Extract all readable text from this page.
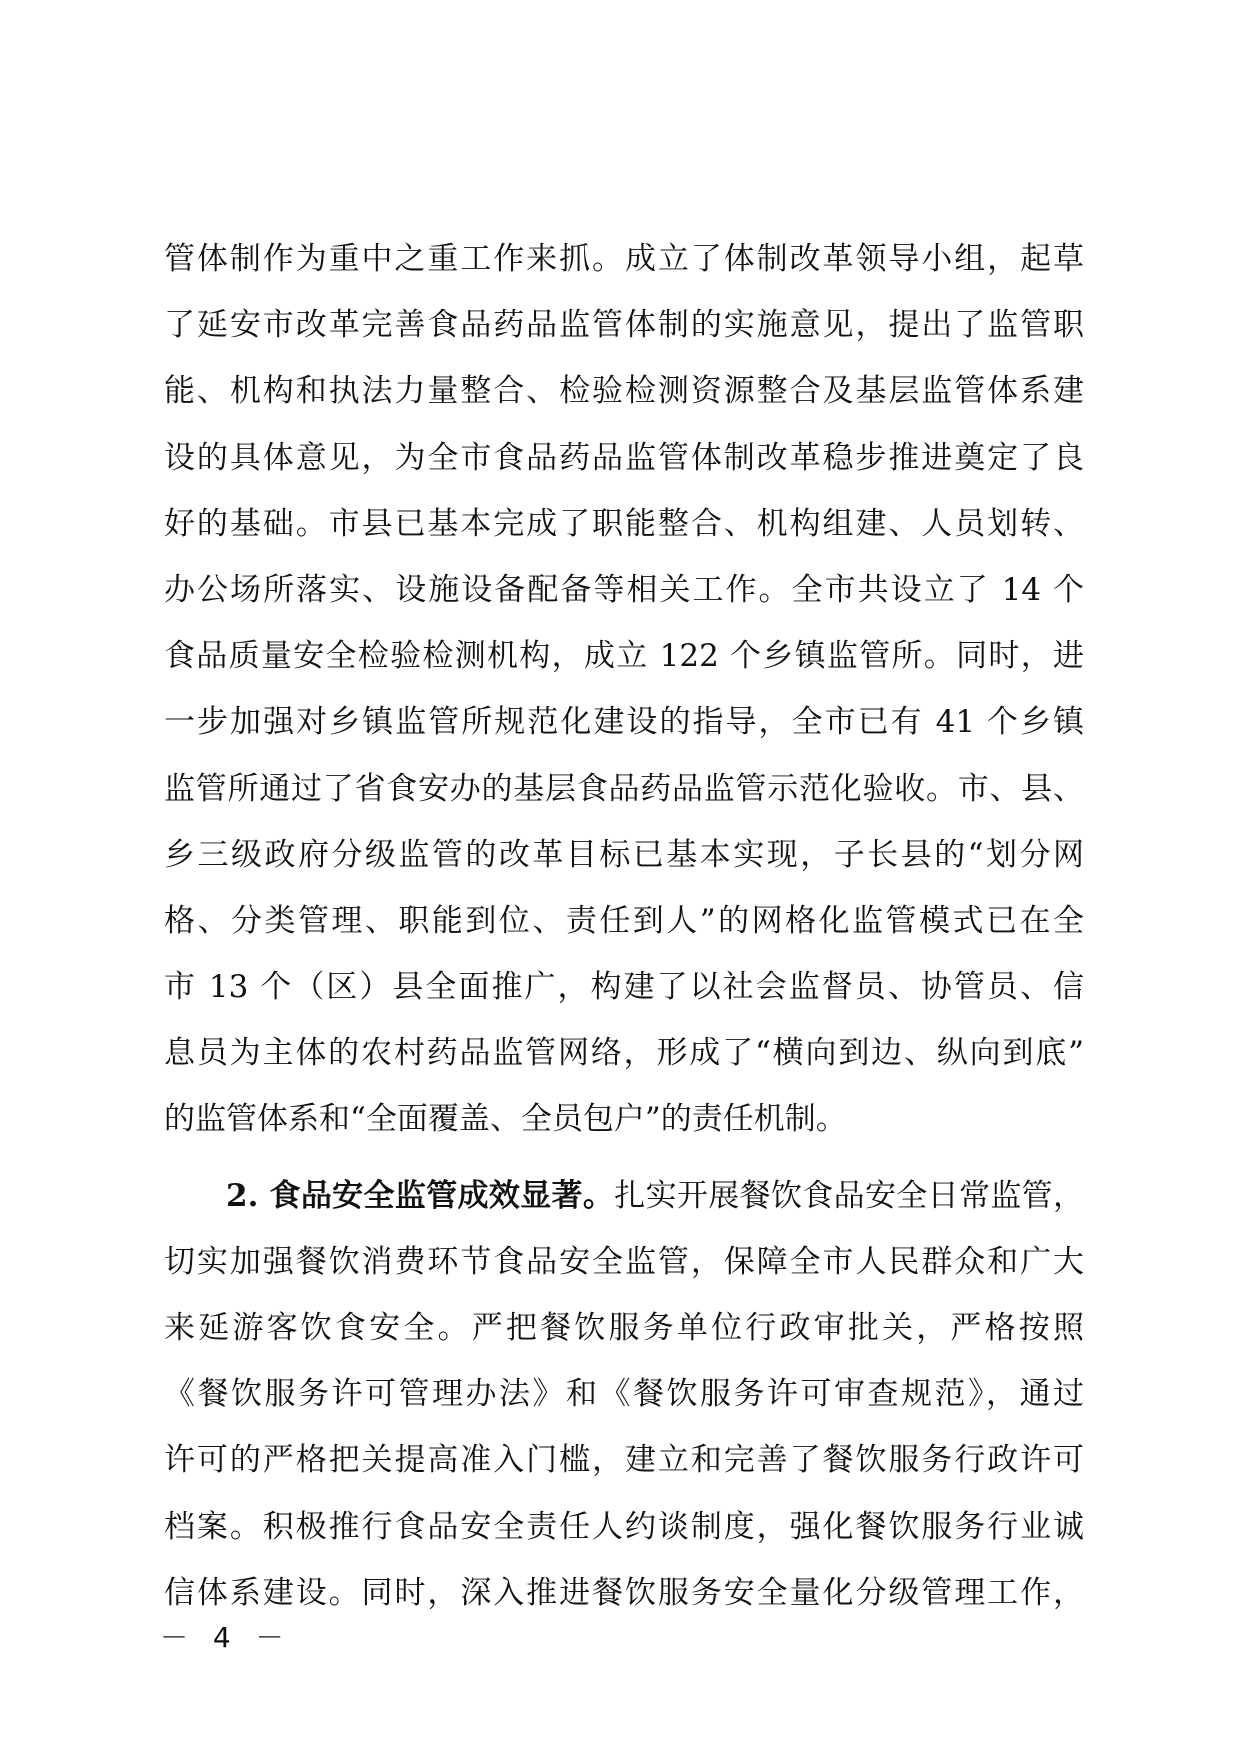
管体制作为重中之重工作来抓。成立了体制改革领导小组，起草
了延安市改革完善食品药品监管体制的实施意见，提出了监管职
能、机构和执法力量整合、检验检测资源整合及基层监管体系建
设的具体意见，为全市食品药品监管体制改革稳步推进奠定了良
好的基础。市县已基本完成了职能整合、机构组建、人员划转、
办公场所落实、设施设备配备等相关工作。全市共设立了 14 个
食品质量安全检验检测机构，成立 122 个乡镇监管所。同时，进
一步加强对乡镇监管所规范化建设的指导，全市已有 41 个乡镇
监管所通过了省食安办的基层食品药品监管示范化验收。市、县、
乡三级政府分级监管的改革目标已基本实现，子长县的“划分网
格、分类管理、职能到位、责任到人”的网格化监管模式已在全
市 13 个（区）县全面推广，构建了以社会监督员、协管员、信
息员为主体的农村药品监管网络，形成了“横向到边、纵向到底”
的监管体系和“全面覆盖、全员包户”的责任机制。
2. 食品安全监管成效显著。扎实开展餐饮食品安全日常监管，
切实加强餐饮消费环节食品安全监管，保障全市人民群众和广大
来延游客饮食安全。严把餐饮服务单位行政审批关，严格按照
《餐饮服务许可管理办法》和《餐饮服务许可审查规范》，通过
许可的严格把关提高准入门槛，建立和完善了餐饮服务行政许可
档案。积极推行食品安全责任人约谈制度，强化餐饮服务行业诚
信体系建设。同时，深入推进餐饮服务安全量化分级管理工作，
－ 4 －
